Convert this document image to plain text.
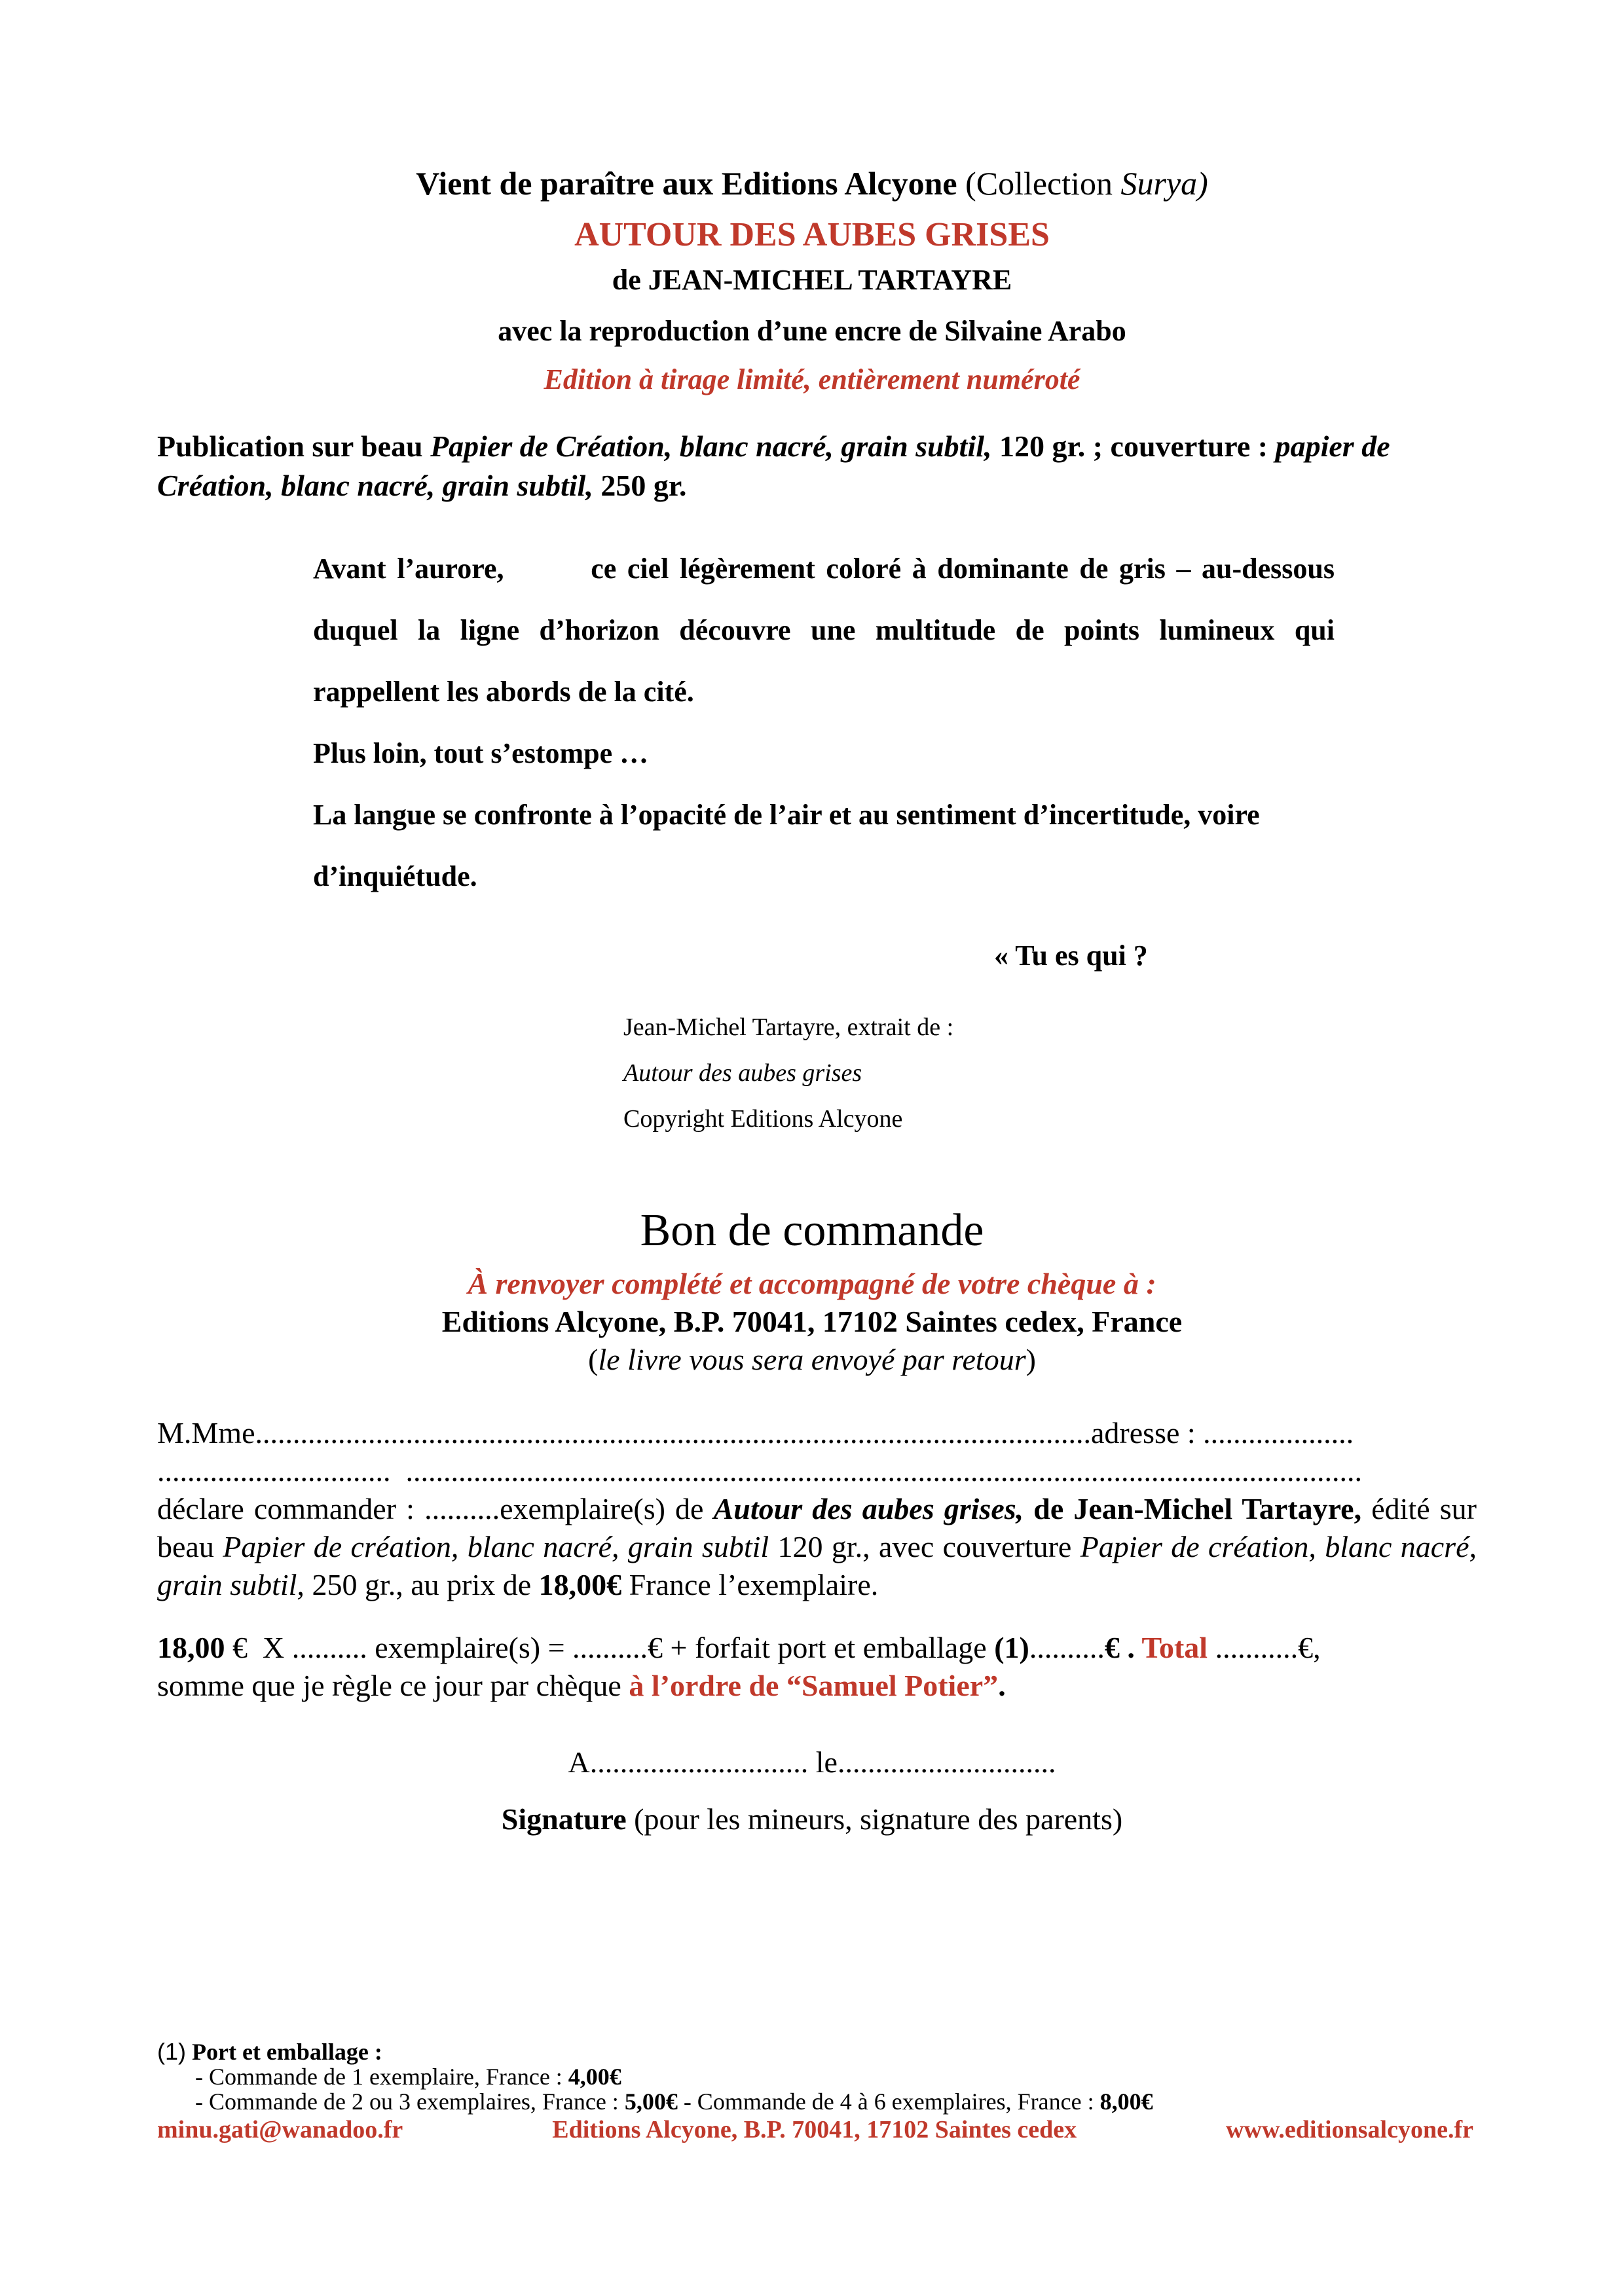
Vient de paraître aux Editions Alcyone (Collection Surya)
AUTOUR DES AUBES GRISES
de JEAN-MICHEL TARTAYRE
avec la reproduction d’une encre de Silvaine Arabo
Edition à tirage limité, entièrement numéroté
Publication sur beau Papier de Création, blanc nacré, grain subtil, 120 gr. ; couverture : papier de Création, blanc nacré, grain subtil, 250 gr.
Avant l’aurore,        ce ciel légèrement coloré à dominante de gris – au-dessous duquel la ligne d’horizon découvre une multitude de points lumineux qui rappellent les abords de la cité.
Plus loin, tout s’estompe …
La langue se confronte à l’opacité de l’air et au sentiment d’incertitude, voire d’inquiétude.
« Tu es qui ?
Jean-Michel Tartayre, extrait de :
Autour des aubes grises
Copyright Editions Alcyone
Bon de commande
À renvoyer complété et accompagné de votre chèque à :
Editions Alcyone, B.P. 70041, 17102 Saintes cedex, France
(le livre vous sera envoyé par retour)
M.Mme...............................................................................................................adresse : ....................
............................... ...............................................................................................................................
déclare commander : ..........exemplaire(s) de Autour des aubes grises, de Jean-Michel Tartayre, édité sur beau Papier de création, blanc nacré, grain subtil 120 gr., avec couverture Papier de création, blanc nacré, grain subtil, 250 gr., au prix de 18,00€ France l’exemplaire.
18,00 €  X .......... exemplaire(s) = ..........€ + forfait port et emballage (1)..........€ . Total ...........€,
somme que je règle ce jour par chèque à l’ordre de “Samuel Potier”.
A............................. le.............................
Signature (pour les mineurs, signature des parents)
(1) Port et emballage :
- Commande de 1 exemplaire, France : 4,00€
- Commande de 2 ou 3 exemplaires, France : 5,00€ - Commande de 4 à 6 exemplaires, France : 8,00€
minu.gati@wanadoo.fr	Editions Alcyone, B.P. 70041, 17102 Saintes cedex	www.editionsalcyone.fr
